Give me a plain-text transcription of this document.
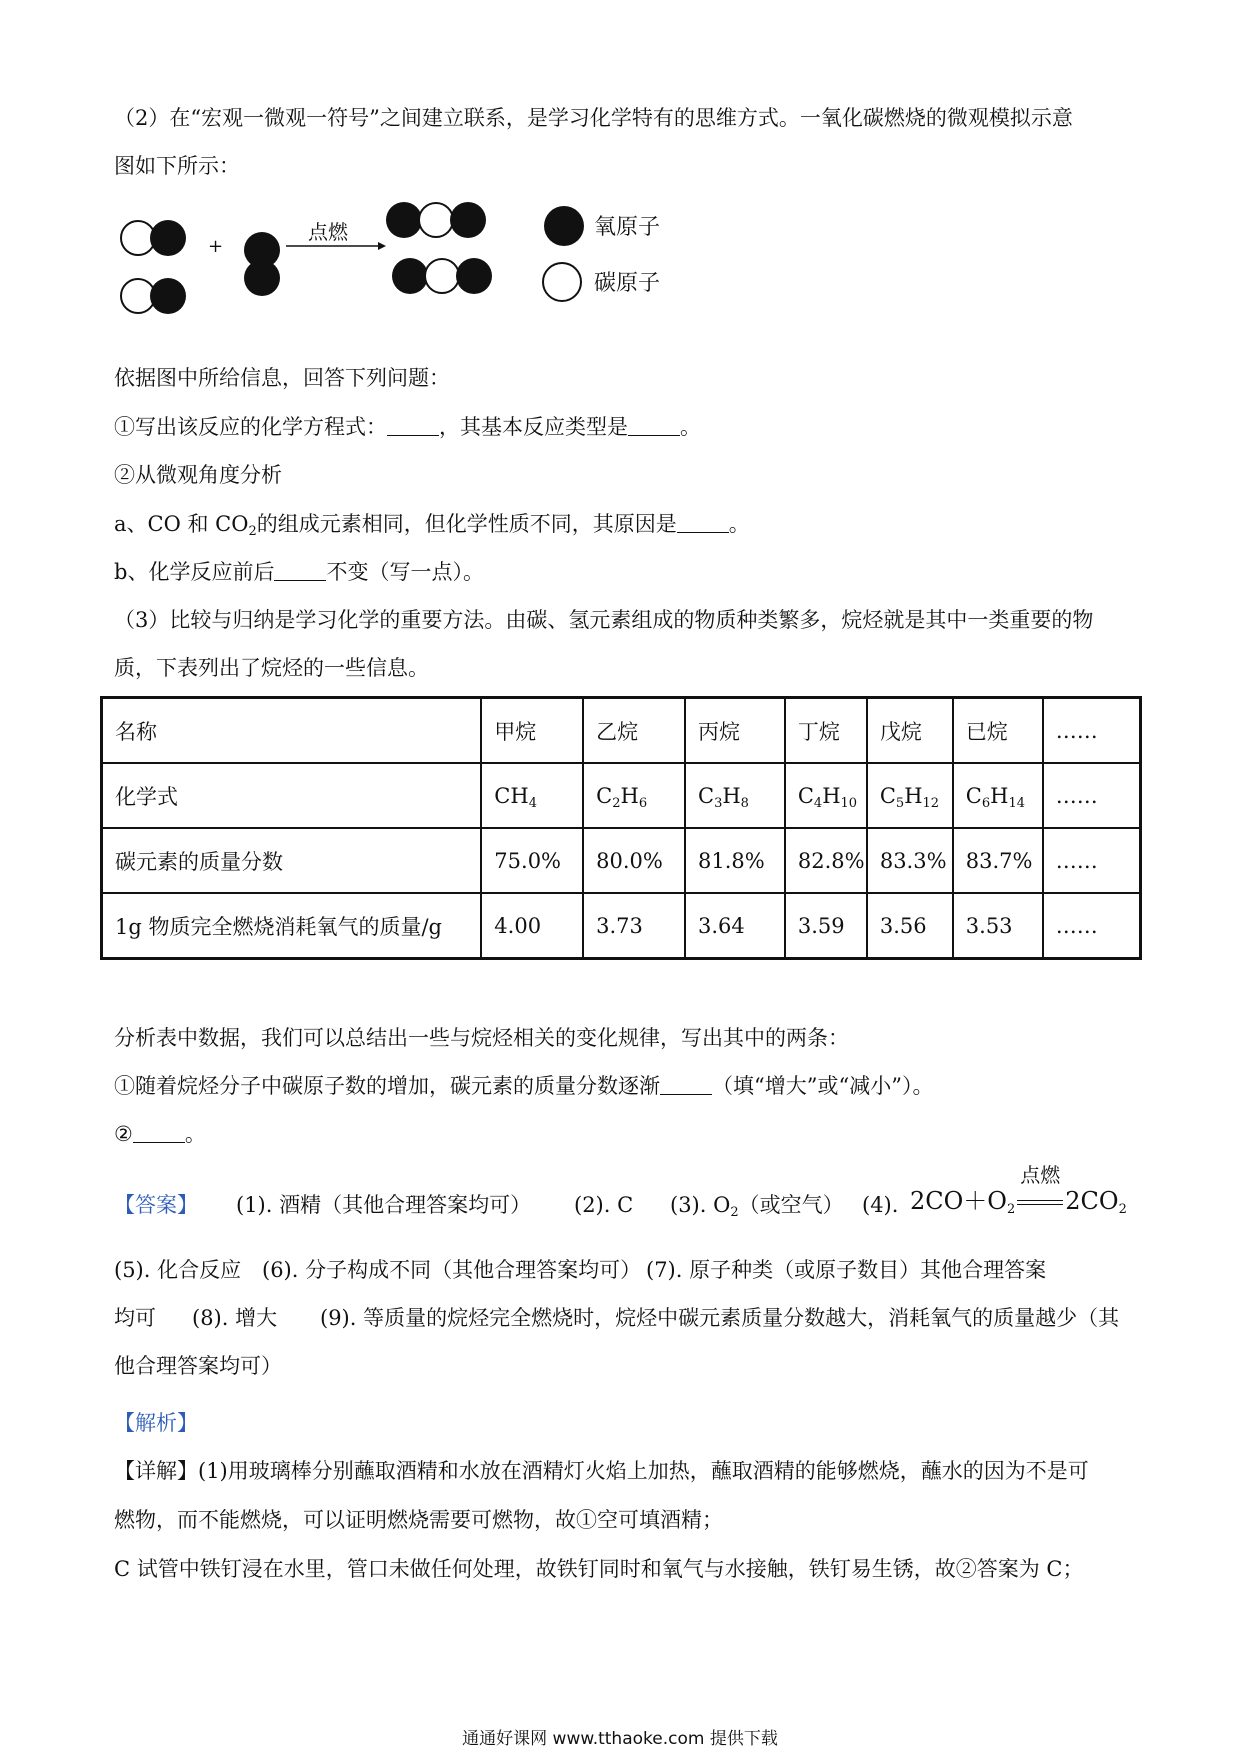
（2）在“宏观一微观一符号”之间建立联系，是学习化学特有的思维方式。一氧化碳燃烧的微观模拟示意
图如下所示：
+
点燃	氧原子
碳原子
依据图中所给信息，回答下列问题：
①写出该反应的化学方程式： ，其基本反应类型是 。
②从微观角度分析
a、CO 和 $CO_2$的组成元素相同，但化学性质不同，其原因是 。
b、化学反应前后 不变（写一点）。
（3）比较与归纳是学习化学的重要方法。由碳、氢元素组成的物质种类繁多，烷烃就是其中一类重要的物
质，下表列出了烷烃的一些信息。
名称	甲烷	乙烷	丙烷	丁烷	戊烷	已烷	……
化学式	$CH_4$	$C_2H_6$	$C_3H_8$	$C_4H_{10}$	$C_5H_{12}$	$C_6H_{14}$	……
碳元素的质量分数	75.0%	80.0%	81.8%	82.8%	83.3%	83.7%	……
1g 物质完全燃烧消耗氧气的质量/g	4.00	3.73	3.64	3.59	3.56	3.53	……
分析表中数据，我们可以总结出一些与烷烃相关的变化规律，写出其中的两条：
①随着烷烃分子中碳原子数的增加，碳元素的质量分数逐渐 （填“增大”或“减小”）。
② 。
【答案】 (1). 酒精（其他合理答案均可） (2). C (3). $O_2$（或空气） (4). $2CO+O_2$
点燃
$2CO_2$
(5). 化合反应 (6). 分子构成不同（其他合理答案均可） (7). 原子种类（或原子数目）其他合理答案
均可 (8). 增大 (9). 等质量的烷烃完全燃烧时，烷烃中碳元素质量分数越大，消耗氧气的质量越少（其
他合理答案均可）
【解析】
【详解】(1)用玻璃棒分别蘸取酒精和水放在酒精灯火焰上加热，蘸取酒精的能够燃烧，蘸水的因为不是可
燃物，而不能燃烧，可以证明燃烧需要可燃物，故①空可填酒精；
C 试管中铁钉浸在水里，管口未做任何处理，故铁钉同时和氧气与水接触，铁钉易生锈，故②答案为 C；
通通好课网 www.tthaoke.com 提供下载
